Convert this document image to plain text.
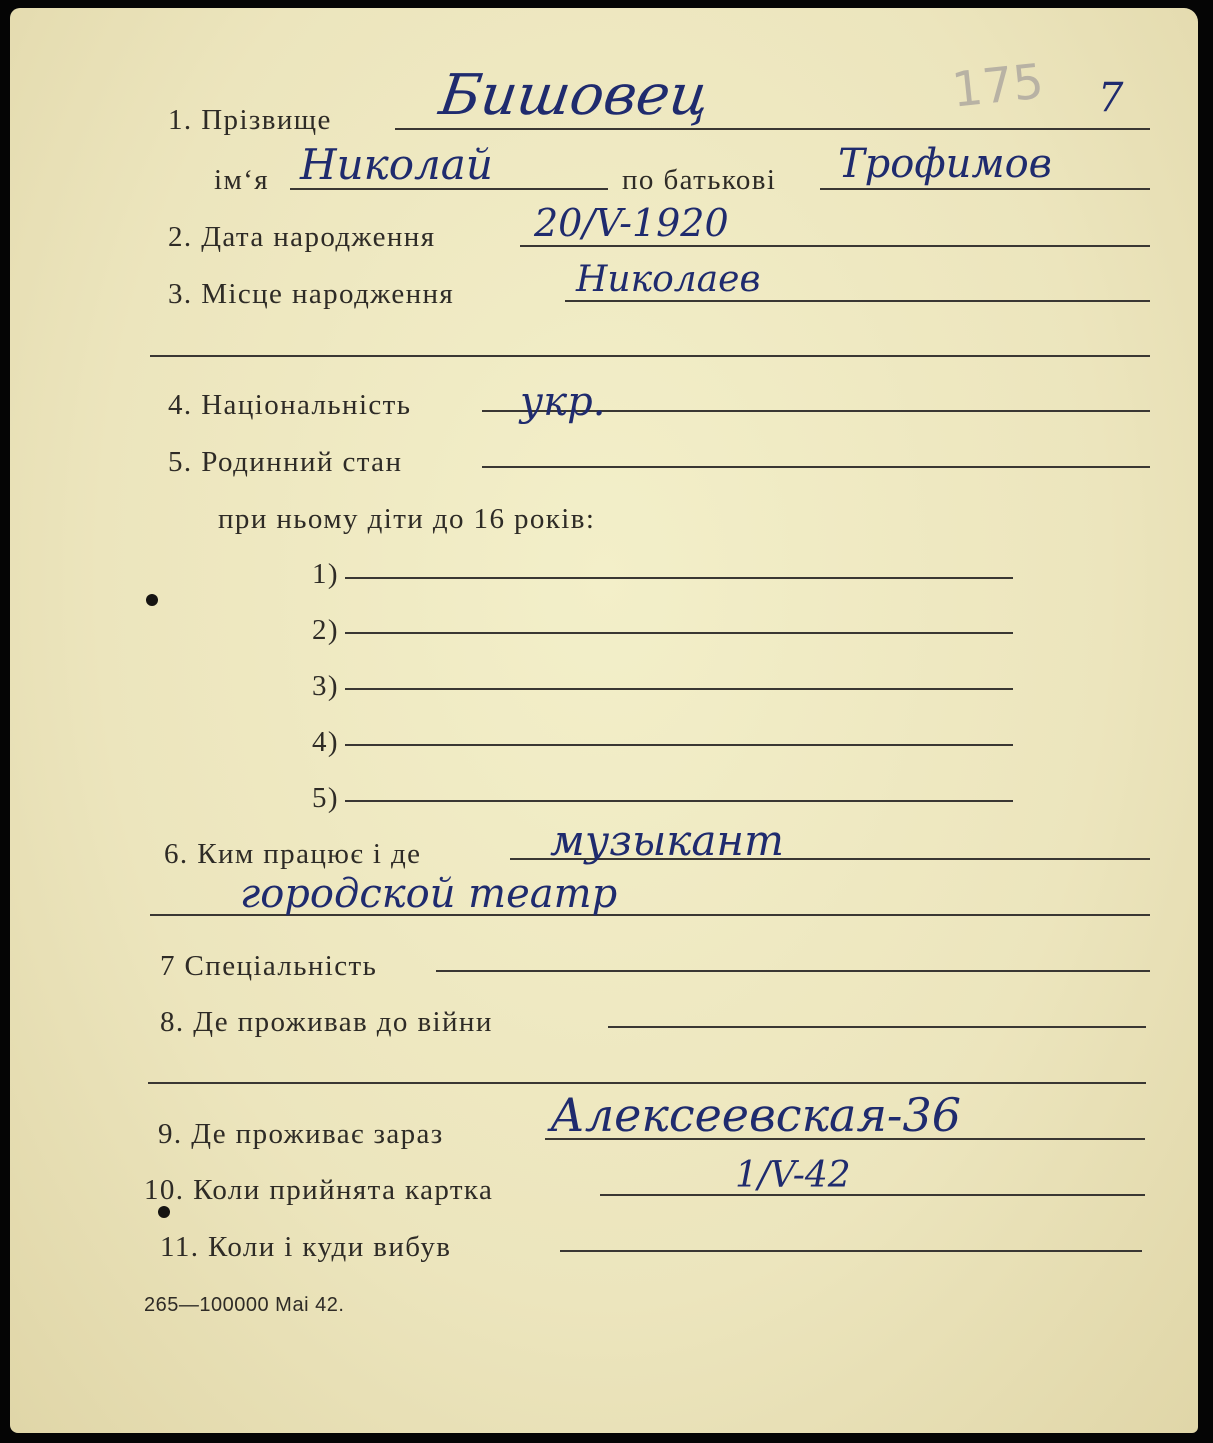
175 7
1. Прізвище Бишовец
ім‘я Николай	по батькові Трофимов
2. Дата народження	20/V-1920
3. Місце народження	Николаев
4. Національність	укр.
5. Родинний стан
при ньому діти до 16 років:
1)
2)
3)
4)
5)
6. Ким працює і де	музыкант
городской театр
7 Спеціальність
8. Де проживав до війни
9. Де проживає зараз Алексеевская-36
10. Коли прийнята картка	1/V-42
11. Коли і куди вибув
265—100000 Маі 42.
